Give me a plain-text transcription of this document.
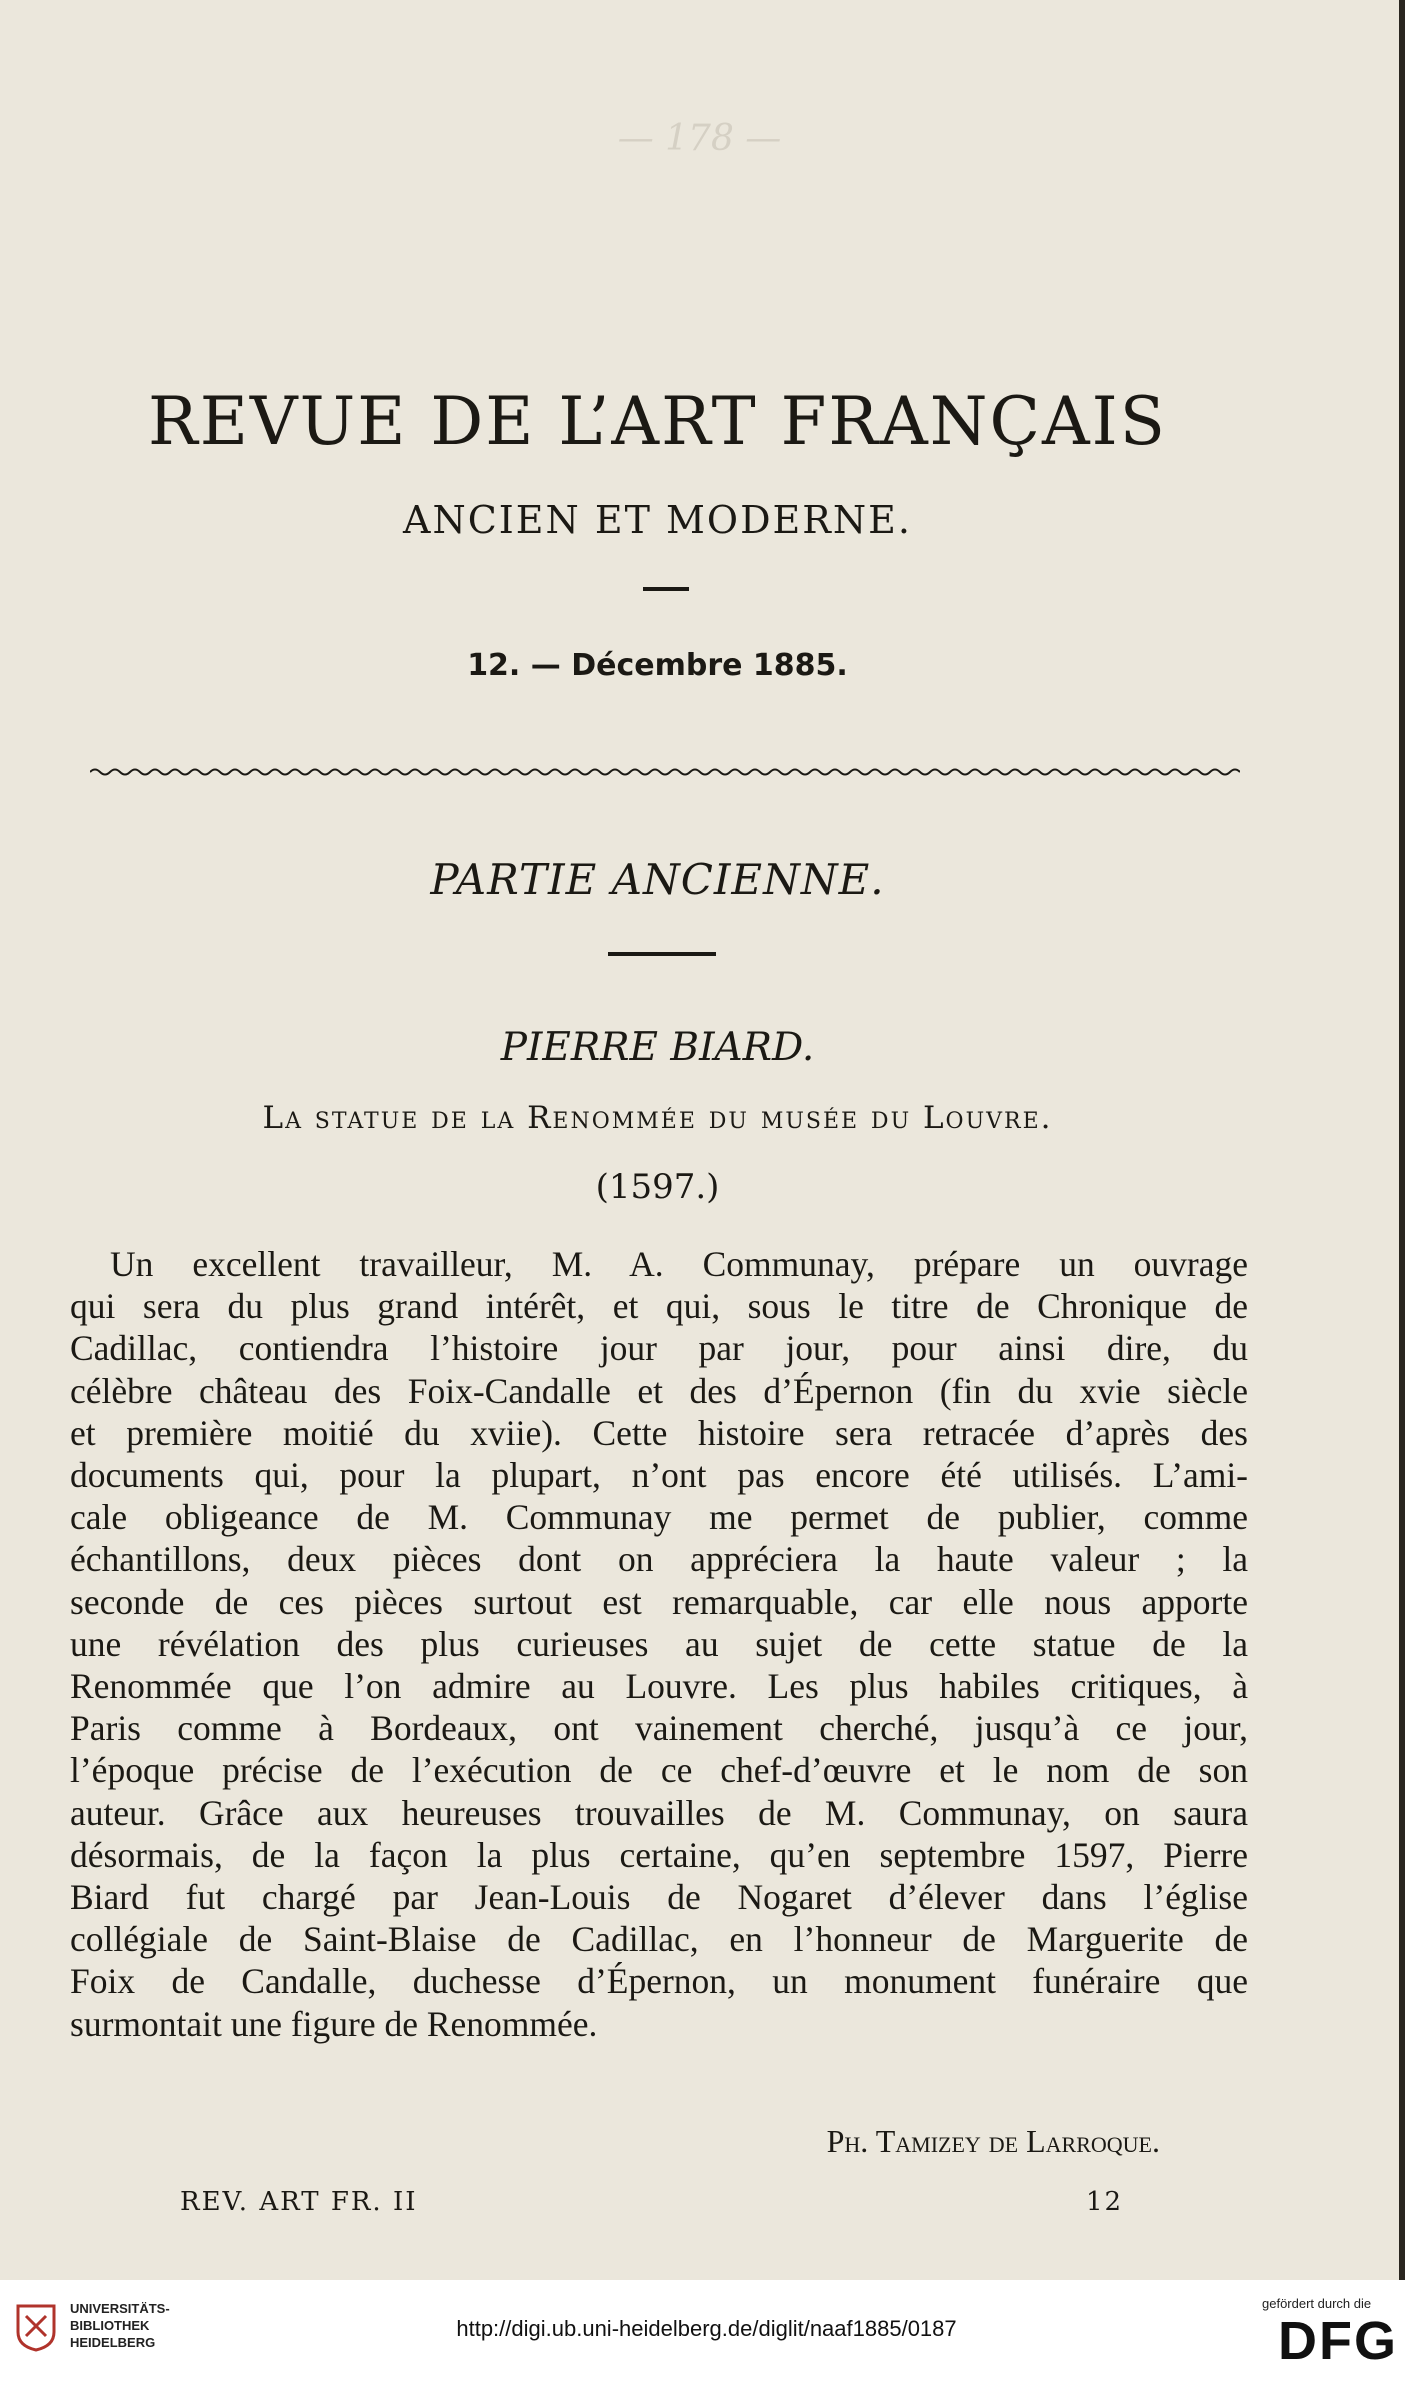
— 178 —
REVUE DE L’ART FRANÇAIS
ANCIEN ET MODERNE.
12. — Décembre 1885.
PARTIE ANCIENNE.
PIERRE BIARD.
La statue de la Renommée du musée du Louvre.
(1597.)
Un excellent travailleur, M. A. Communay, prépare un ouvrage
qui sera du plus grand intérêt, et qui, sous le titre de Chronique de
Cadillac, contiendra l’histoire jour par jour, pour ainsi dire, du
célèbre château des Foix-Candalle et des d’Épernon (fin du xvie siècle
et première moitié du xviie). Cette histoire sera retracée d’après des
documents qui, pour la plupart, n’ont pas encore été utilisés. L’ami-
cale obligeance de M. Communay me permet de publier, comme
échantillons, deux pièces dont on appréciera la haute valeur ; la
seconde de ces pièces surtout est remarquable, car elle nous apporte
une révélation des plus curieuses au sujet de cette statue de la
Renommée que l’on admire au Louvre. Les plus habiles critiques, à
Paris comme à Bordeaux, ont vainement cherché, jusqu’à ce jour,
l’époque précise de l’exécution de ce chef-d’œuvre et le nom de son
auteur. Grâce aux heureuses trouvailles de M. Communay, on saura
désormais, de la façon la plus certaine, qu’en septembre 1597, Pierre
Biard fut chargé par Jean-Louis de Nogaret d’élever dans l’église
collégiale de Saint-Blaise de Cadillac, en l’honneur de Marguerite de
Foix de Candalle, duchesse d’Épernon, un monument funéraire que
surmontait une figure de Renommée.
Ph. Tamizey de Larroque.
REV. ART FR. II	12
UNIVERSITÄTS-
BIBLIOTHEK
HEIDELBERG
http://digi.ub.uni-heidelberg.de/diglit/naaf1885/0187
gefördert durch die
DFG
